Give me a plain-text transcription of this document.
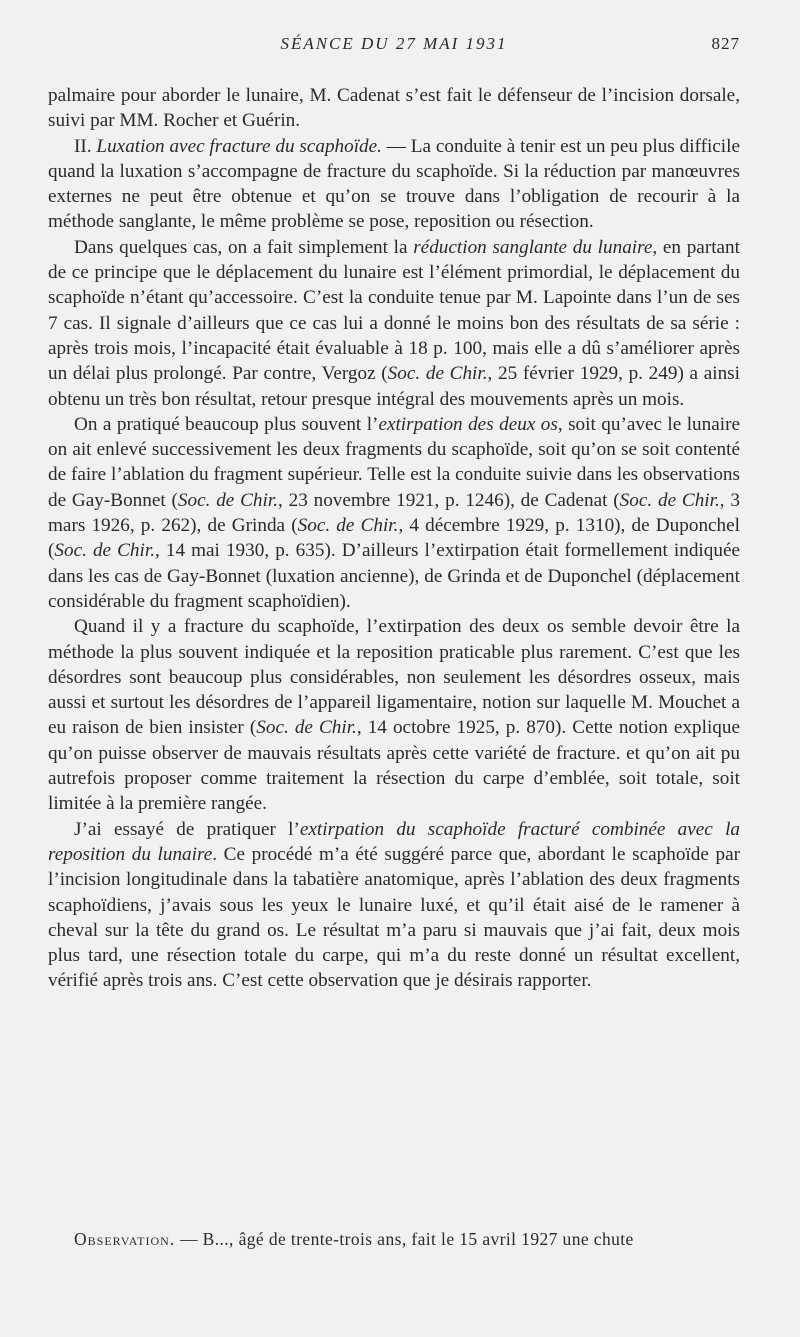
SÉANCE DU 27 MAI 1931	827

palmaire pour aborder le lunaire, M. Cadenat s’est fait le défenseur de l’incision dorsale, suivi par MM. Rocher et Guérin.

II. Luxation avec fracture du scaphoïde. — La conduite à tenir est un peu plus difficile quand la luxation s’accompagne de fracture du scaphoïde. Si la réduction par manœuvres externes ne peut être obtenue et qu’on se trouve dans l’obligation de recourir à la méthode sanglante, le même problème se pose, reposition ou résection.

Dans quelques cas, on a fait simplement la réduction sanglante du lunaire, en partant de ce principe que le déplacement du lunaire est l’élément primordial, le déplacement du scaphoïde n’étant qu’accessoire. C’est la conduite tenue par M. Lapointe dans l’un de ses 7 cas. Il signale d’ailleurs que ce cas lui a donné le moins bon des résultats de sa série : après trois mois, l’incapacité était évaluable à 18 p. 100, mais elle a dû s’améliorer après un délai plus prolongé. Par contre, Vergoz (Soc. de Chir., 25 février 1929, p. 249) a ainsi obtenu un très bon résultat, retour presque intégral des mouvements après un mois.

On a pratiqué beaucoup plus souvent l’extirpation des deux os, soit qu’avec le lunaire on ait enlevé successivement les deux fragments du scaphoïde, soit qu’on se soit contenté de faire l’ablation du fragment supérieur. Telle est la conduite suivie dans les observations de Gay-Bonnet (Soc. de Chir., 23 novembre 1921, p. 1246), de Cadenat (Soc. de Chir., 3 mars 1926, p. 262), de Grinda (Soc. de Chir., 4 décembre 1929, p. 1310), de Duponchel (Soc. de Chir., 14 mai 1930, p. 635). D’ailleurs l’extirpation était formellement indiquée dans les cas de Gay-Bonnet (luxation ancienne), de Grinda et de Duponchel (déplacement considérable du fragment scaphoïdien).

Quand il y a fracture du scaphoïde, l’extirpation des deux os semble devoir être la méthode la plus souvent indiquée et la reposition praticable plus rarement. C’est que les désordres sont beaucoup plus considérables, non seulement les désordres osseux, mais aussi et surtout les désordres de l’appareil ligamentaire, notion sur laquelle M. Mouchet a eu raison de bien insister (Soc. de Chir., 14 octobre 1925, p. 870). Cette notion explique qu’on puisse observer de mauvais résultats après cette variété de fracture. et qu’on ait pu autrefois proposer comme traitement la résection du carpe d’emblée, soit totale, soit limitée à la première rangée.

J’ai essayé de pratiquer l’extirpation du scaphoïde fracturé combinée avec la reposition du lunaire. Ce procédé m’a été suggéré parce que, abordant le scaphoïde par l’incision longitudinale dans la tabatière anatomique, après l’ablation des deux fragments scaphoïdiens, j’avais sous les yeux le lunaire luxé, et qu’il était aisé de le ramener à cheval sur la tête du grand os. Le résultat m’a paru si mauvais que j’ai fait, deux mois plus tard, une résection totale du carpe, qui m’a du reste donné un résultat excellent, vérifié après trois ans. C’est cette observation que je désirais rapporter.

Observation. — B..., âgé de trente-trois ans, fait le 15 avril 1927 une chute
